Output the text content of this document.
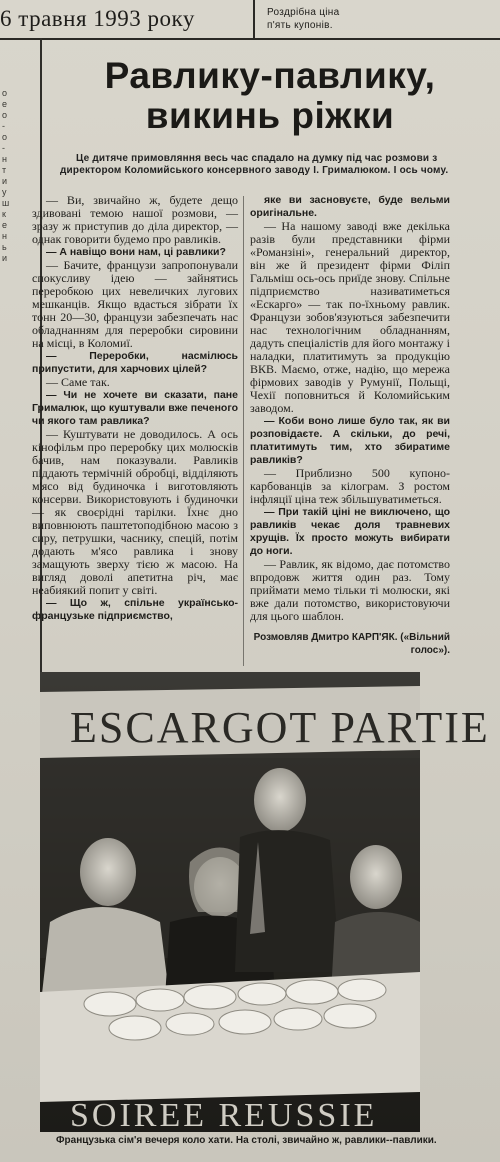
6 травня 1993 року	Роздрібна ціна
п'ять купонів.
о
е
о
-
о
-
н
т
и
у
ш
к
е
н
ь
и
Равлику-павлику,
викинь ріжки
Це дитяче примовляння весь час спадало на думку під час розмови з директором Коломийського консервного заводу І. Грималюком. І ось чому.

— Ви, звичайно ж, будете дещо здивовані темою нашої розмови, — зразу ж приступив до діла директор, — однак говорити будемо про равликів.

— А навіщо вони нам, ці равлики?

— Бачите, французи запропонували спокусливу ідею — зайнятись переробкою цих невеличких лугових мешканців. Якщо вдасться зібрати їх тонн 20—30, французи забезпечать нас обладнанням для переробки сировини на місці, в Коломиї.

— Переробки, насмілюсь припустити, для харчових цілей?

— Саме так.

— Чи не хочете ви сказати, пане Грималюк, що куштували вже печеного чи якого там равлика?

— Куштувати не доводилось. А ось кінофільм про переробку цих молюсків бачив, нам показували. Равликів піддають термічній обробці, відділяють м'ясо від будиночка і виготовляють консерви. Використовують і будиночки — як своєрідні тарілки. Їхнє дно виповнюють паштетоподібною масою з сиру, петрушки, часнику, спецій, потім додають м'ясо равлика і знову замащують зверху тією ж масою. На вигляд доволі апетитна річ, має неабиякий попит у світі.

— Що ж, спільне українсько-французьке підприємство,

яке ви засновуєте, буде вельми оригінальне.

— На нашому заводі вже декілька разів були представники фірми «Романзіні», генеральний директор, він же й президент фірми Філіп Гальміш ось-ось приїде знову. Спільне підприємство називатиметься «Ескарго» — так по-їхньому равлик. Французи зобов'язуються забезпечити нас технологічним обладнанням, дадуть спеціалістів для його монтажу і наладки, платитимуть за продукцію ВКВ. Маємо, отже, надію, що мережа фірмових заводів у Румунії, Польщі, Чехії поповниться й Коломийським заводом.

— Коби воно лише було так, як ви розповідаєте. А скільки, до речі, платитимуть тим, хто збиратиме равликів?

— Приблизно 500 купоно-карбованців за кілограм. З ростом інфляції ціна теж збільшуватиметься.

— При такій ціні не виключено, що равликів чекає доля травневих хрущів. Їх просто можуть вибирати до ноги.

— Равлик, як відомо, дає потомство впродовж життя один раз. Тому приймати мемо тільки ті молюски, які вже дали потомство, використовуючи для цього шаблон.

Розмовляв Дмитро КАРП'ЯК. («Вільний голос»).

ESCARGOT PARTIE
SOIREE REUSSIE
Французька сім'я вечеря коло хати. На столі, звичайно ж, равлики--павлики.
